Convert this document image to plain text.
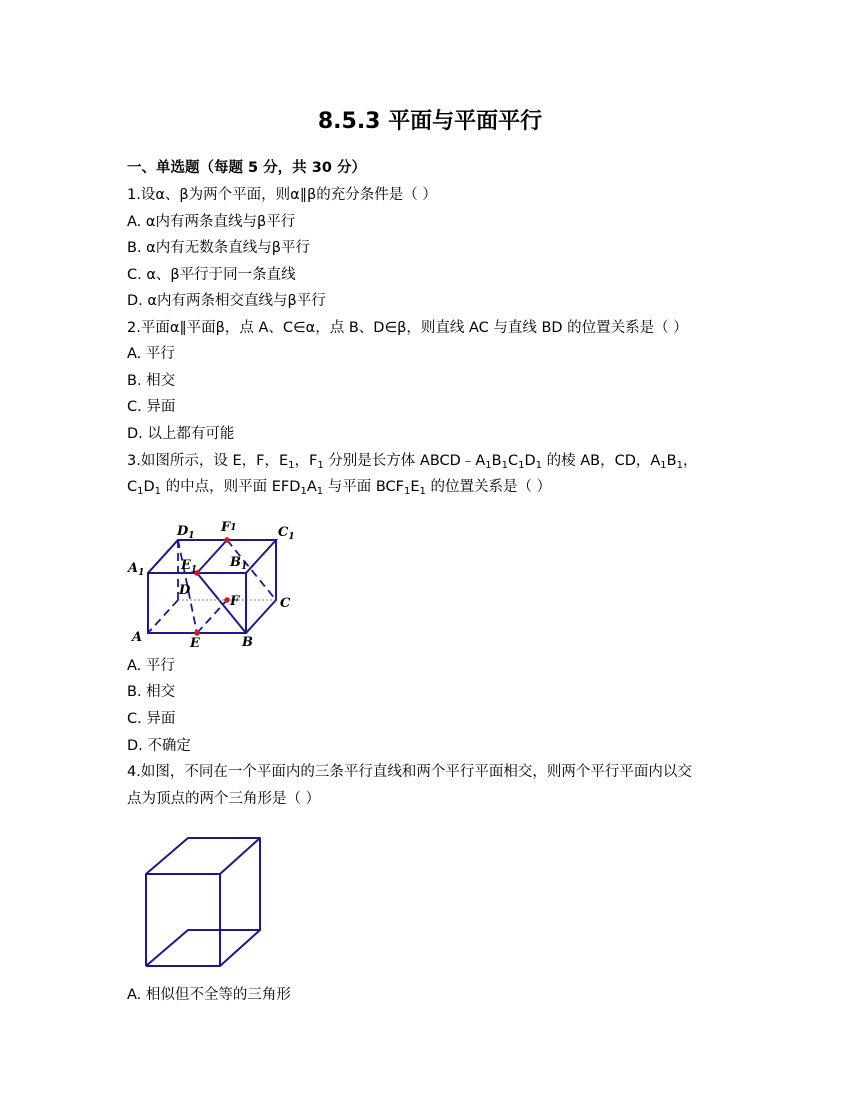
8.5.3 平面与平面平行
一、单选题（每题 5 分，共 30 分）
1.设α、β为两个平面，则α∥β的充分条件是（ ）
A. α内有两条直线与β平行
B. α内有无数条直线与β平行
C. α、β平行于同一条直线
D. α内有两条相交直线与β平行
2.平面α∥平面β，点 A、C∈α，点 B、D∈β，则直线 AC 与直线 BD 的位置关系是（ ）
A. 平行
B. 相交
C. 异面
D. 以上都有可能
3.如图所示，设 E，F，$E_1$，$F_1$ 分别是长方体 $ABCD﹣A_1B_1C_1D_1$ 的棱 AB，CD，$A_1B_1$，
$C_1D_1$ 的中点，则平面 $EFD_1A_1$ 与平面 $BCF_1E_1$ 的位置关系是（ ）
$D_1$
F1	$C_1$
$A_1$	$E_1$	$B_1$
D
F	C
A	E	B
A. 平行
B. 相交
C. 异面
D. 不确定
4.如图，不同在一个平面内的三条平行直线和两个平行平面相交，则两个平行平面内以交
点为顶点的两个三角形是（ ）
A. 相似但不全等的三角形
